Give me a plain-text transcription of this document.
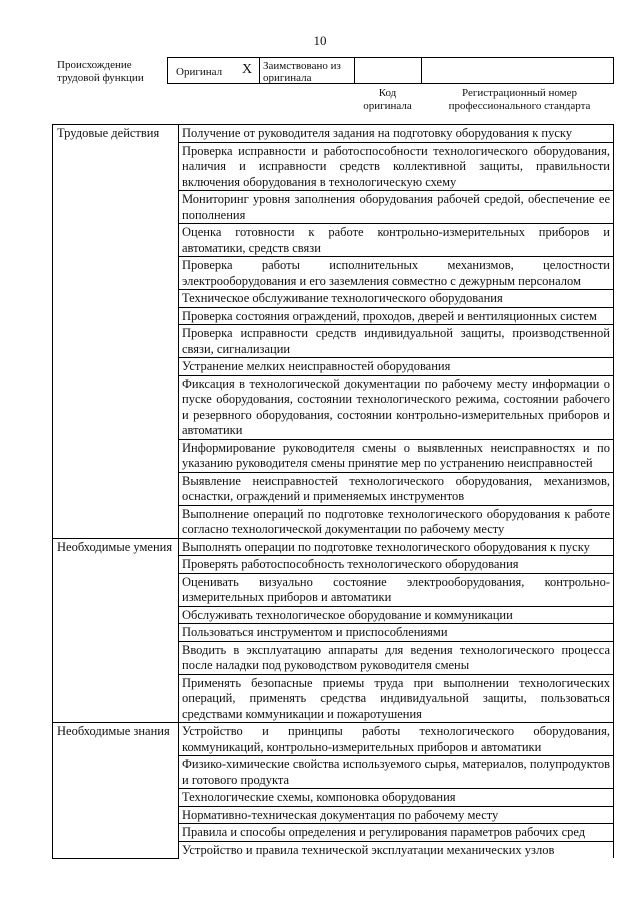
10
Происхождение трудовой функции	Оригинал X Заимствовано из оригинала
Код оригинала
Регистрационный номер профессионального стандарта
Трудовые действия	Получение от руководителя задания на подготовку оборудования к пуску
	Проверка исправности и работоспособности технологического оборудования, наличия и исправности средств коллективной защиты, правильности включения оборудования в технологическую схему
	Мониторинг уровня заполнения оборудования рабочей средой, обеспечение ее пополнения
	Оценка готовности к работе контрольно-измерительных приборов и автоматики, средств связи
	Проверка работы исполнительных механизмов, целостности электрооборудования и его заземления совместно с дежурным персоналом
	Техническое обслуживание технологического оборудования
	Проверка состояния ограждений, проходов, дверей и вентиляционных систем
	Проверка исправности средств индивидуальной защиты, производственной связи, сигнализации
	Устранение мелких неисправностей оборудования
	Фиксация в технологической документации по рабочему месту информации о пуске оборудования, состоянии технологического режима, состоянии рабочего и резервного оборудования, состоянии контрольно-измерительных приборов и автоматики
	Информирование руководителя смены о выявленных неисправностях и по указанию руководителя смены принятие мер по устранению неисправностей
	Выявление неисправностей технологического оборудования, механизмов, оснастки, ограждений и применяемых инструментов
	Выполнение операций по подготовке технологического оборудования к работе согласно технологической документации по рабочему месту
Необходимые умения	Выполнять операции по подготовке технологического оборудования к пуску
	Проверять работоспособность технологического оборудования
	Оценивать визуально состояние электрооборудования, контрольно-измерительных приборов и автоматики
	Обслуживать технологическое оборудование и коммуникации
	Пользоваться инструментом и приспособлениями
	Вводить в эксплуатацию аппараты для ведения технологического процесса после наладки под руководством руководителя смены
	Применять безопасные приемы труда при выполнении технологических операций, применять средства индивидуальной защиты, пользоваться средствами коммуникации и пожаротушения
Необходимые знания	Устройство и принципы работы технологического оборудования, коммуникаций, контрольно-измерительных приборов и автоматики
	Физико-химические свойства используемого сырья, материалов, полупродуктов и готового продукта
	Технологические схемы, компоновка оборудования
	Нормативно-техническая документация по рабочему месту
	Правила и способы определения и регулирования параметров рабочих сред
	Устройство и правила технической эксплуатации механических узлов
